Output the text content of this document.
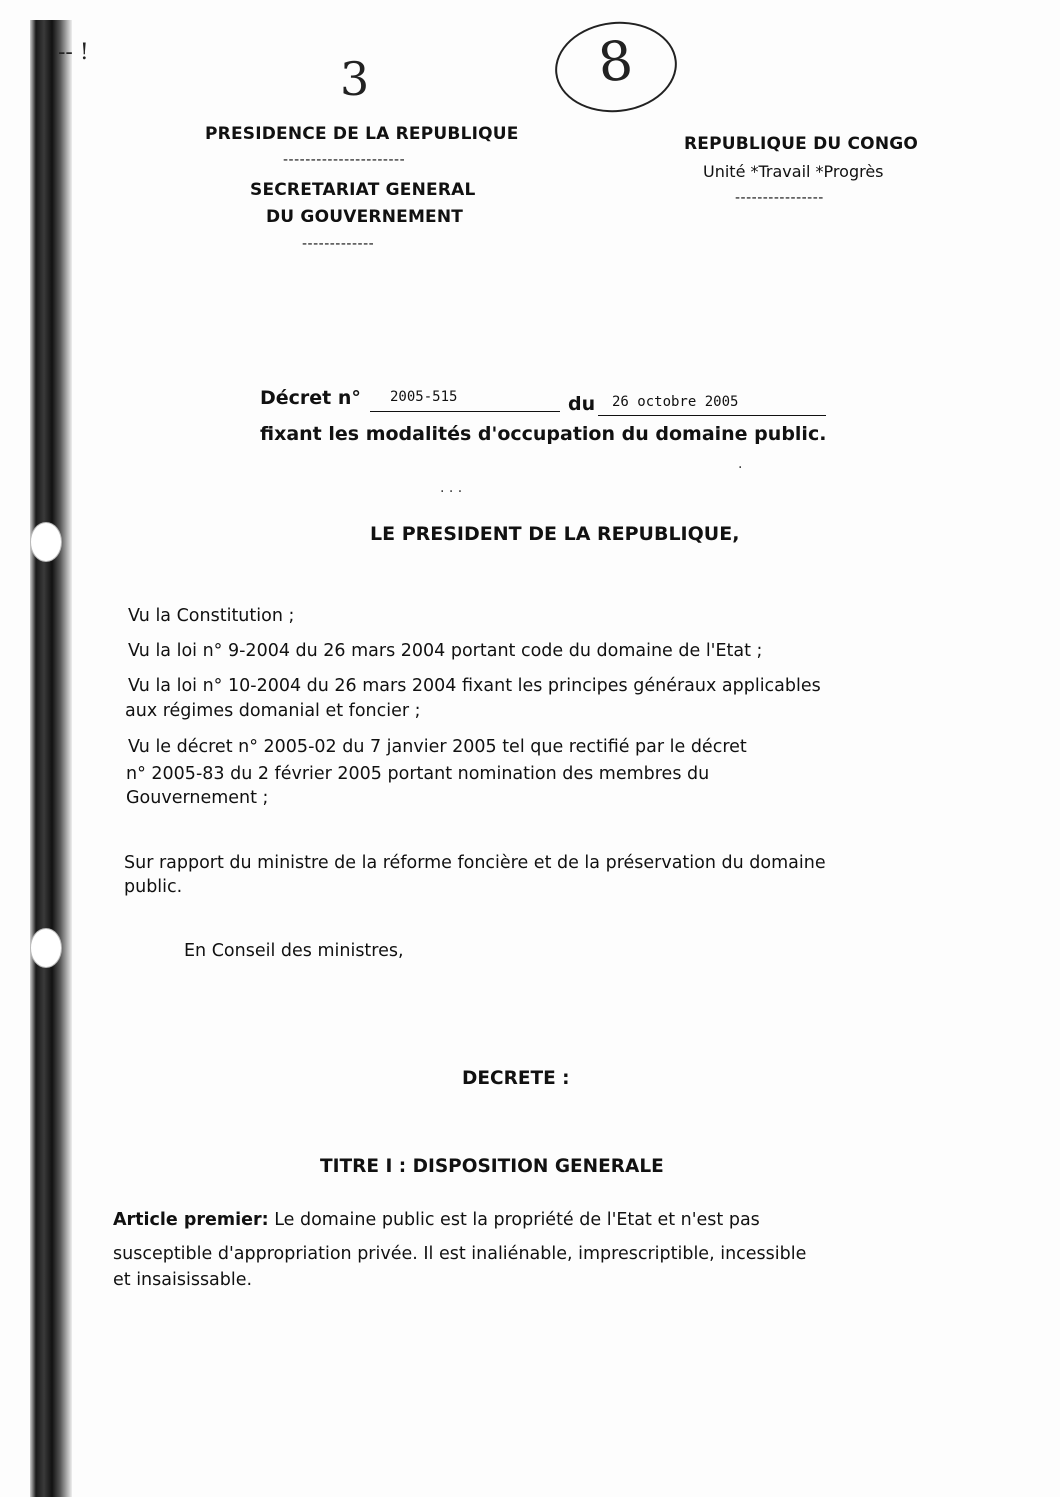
-- !	3	8
PRESIDENCE DE LA REPUBLIQUE
----------------------
SECRETARIAT GENERAL
DU GOUVERNEMENT
-------------
REPUBLIQUE DU CONGO
Unité *Travail *Progrès
----------------
Décret n° 2005-515	du 26 octobre 2005
fixant les modalités d'occupation du domaine public.
·
· · ·
LE PRESIDENT DE LA REPUBLIQUE,
Vu la Constitution ;
Vu la loi n° 9-2004 du 26 mars 2004 portant code du domaine de l'Etat ;
Vu la loi n° 10-2004 du 26 mars 2004 fixant les principes généraux applicables
aux régimes domanial et foncier ;
Vu le décret n° 2005-02 du 7 janvier 2005 tel que rectifié par le décret
n° 2005-83 du 2 février 2005 portant nomination des membres du
Gouvernement ;
Sur rapport du ministre de la réforme foncière et de la préservation du domaine
public.
En Conseil des ministres,
DECRETE :
TITRE I : DISPOSITION GENERALE
Article premier: Le domaine public est la propriété de l'Etat et n'est pas
susceptible d'appropriation privée. Il est inaliénable, imprescriptible, incessible
et insaisissable.
